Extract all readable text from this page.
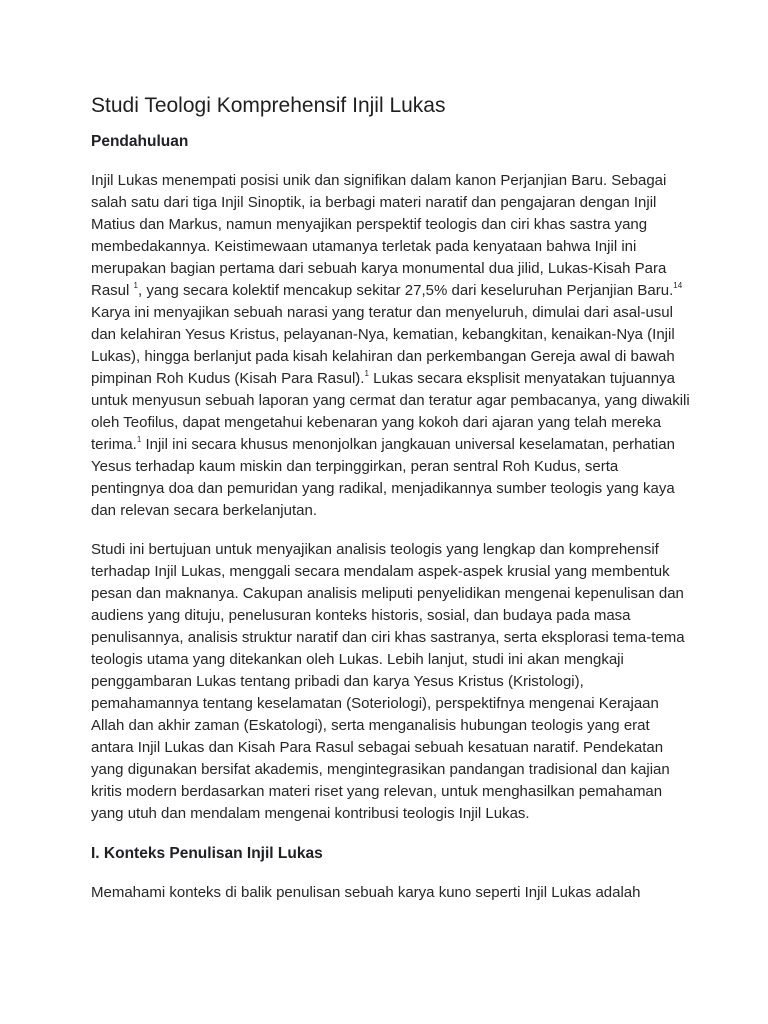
Studi Teologi Komprehensif Injil Lukas
Pendahuluan

Injil Lukas menempati posisi unik dan signifikan dalam kanon Perjanjian Baru. Sebagai salah satu dari tiga Injil Sinoptik, ia berbagi materi naratif dan pengajaran dengan Injil Matius dan Markus, namun menyajikan perspektif teologis dan ciri khas sastra yang membedakannya. Keistimewaan utamanya terletak pada kenyataan bahwa Injil ini merupakan bagian pertama dari sebuah karya monumental dua jilid, Lukas-Kisah Para Rasul $^1$, yang secara kolektif mencakup sekitar 27,5% dari keseluruhan Perjanjian Baru.$^{14}$ Karya ini menyajikan sebuah narasi yang teratur dan menyeluruh, dimulai dari asal-usul dan kelahiran Yesus Kristus, pelayanan-Nya, kematian, kebangkitan, kenaikan-Nya (Injil Lukas), hingga berlanjut pada kisah kelahiran dan perkembangan Gereja awal di bawah pimpinan Roh Kudus (Kisah Para Rasul).$^1$ Lukas secara eksplisit menyatakan tujuannya untuk menyusun sebuah laporan yang cermat dan teratur agar pembacanya, yang diwakili oleh Teofilus, dapat mengetahui kebenaran yang kokoh dari ajaran yang telah mereka terima.$^1$ Injil ini secara khusus menonjolkan jangkauan universal keselamatan, perhatian Yesus terhadap kaum miskin dan terpinggirkan, peran sentral Roh Kudus, serta pentingnya doa dan pemuridan yang radikal, menjadikannya sumber teologis yang kaya dan relevan secara berkelanjutan.

Studi ini bertujuan untuk menyajikan analisis teologis yang lengkap dan komprehensif terhadap Injil Lukas, menggali secara mendalam aspek-aspek krusial yang membentuk pesan dan maknanya. Cakupan analisis meliputi penyelidikan mengenai kepenulisan dan audiens yang dituju, penelusuran konteks historis, sosial, dan budaya pada masa penulisannya, analisis struktur naratif dan ciri khas sastranya, serta eksplorasi tema-tema teologis utama yang ditekankan oleh Lukas. Lebih lanjut, studi ini akan mengkaji penggambaran Lukas tentang pribadi dan karya Yesus Kristus (Kristologi), pemahamannya tentang keselamatan (Soteriologi), perspektifnya mengenai Kerajaan Allah dan akhir zaman (Eskatologi), serta menganalisis hubungan teologis yang erat antara Injil Lukas dan Kisah Para Rasul sebagai sebuah kesatuan naratif. Pendekatan yang digunakan bersifat akademis, mengintegrasikan pandangan tradisional dan kajian kritis modern berdasarkan materi riset yang relevan, untuk menghasilkan pemahaman yang utuh dan mendalam mengenai kontribusi teologis Injil Lukas.

I. Konteks Penulisan Injil Lukas

Memahami konteks di balik penulisan sebuah karya kuno seperti Injil Lukas adalah
